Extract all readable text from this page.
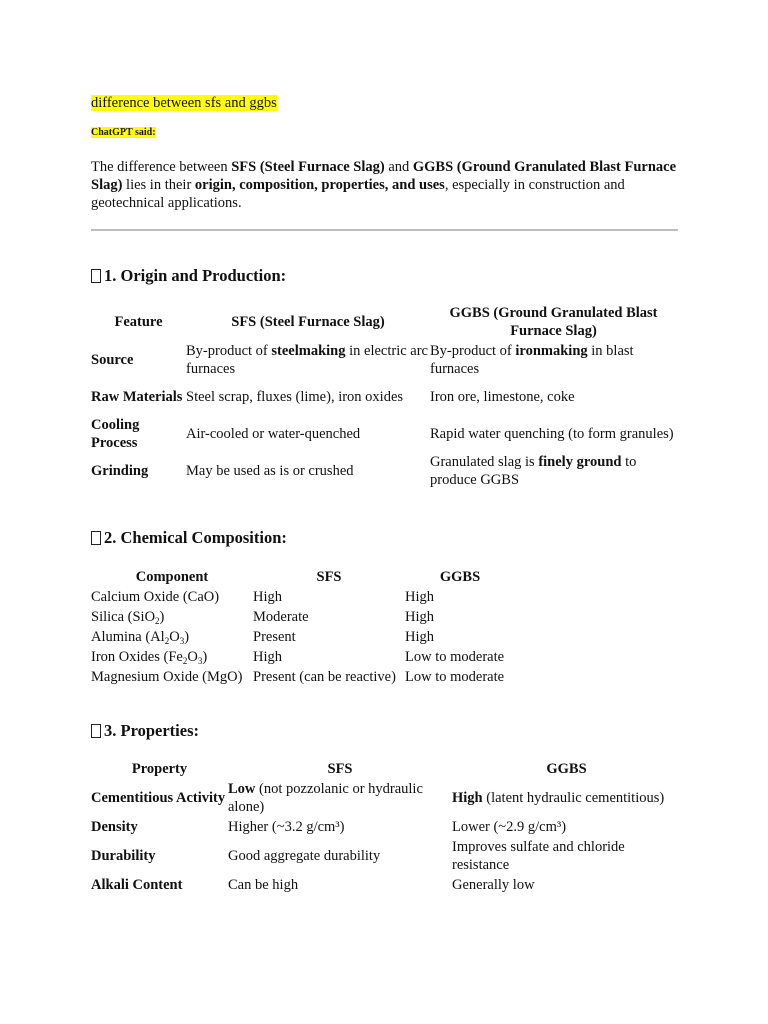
difference between sfs and ggbs
ChatGPT said:
The difference between SFS (Steel Furnace Slag) and GGBS (Ground Granulated Blast Furnace Slag) lies in their origin, composition, properties, and uses, especially in construction and geotechnical applications.
1. Origin and Production:
Feature	SFS (Steel Furnace Slag)	GGBS (Ground Granulated Blast Furnace Slag)
Source	By-product of steelmaking in electric arc furnaces	By-product of ironmaking in blast furnaces
Raw Materials	Steel scrap, fluxes (lime), iron oxides	Iron ore, limestone, coke
Cooling Process	Air-cooled or water-quenched	Rapid water quenching (to form granules)
Grinding	May be used as is or crushed	Granulated slag is finely ground to produce GGBS
2. Chemical Composition:
Component	SFS	GGBS
Calcium Oxide (CaO)	High	High
Silica (SiO$_2$)	Moderate	High
Alumina $(Al_2O_3)$	Present	High
Iron Oxides $(Fe_2O_3)$	High	Low to moderate
Magnesium Oxide (MgO)	Present (can be reactive)	Low to moderate
3. Properties:
Property	SFS	GGBS
Cementitious Activity	Low (not pozzolanic or hydraulic alone)	High (latent hydraulic cementitious)
Density	Higher (~3.2 g/cm³)	Lower (~2.9 g/cm³)
Durability	Good aggregate durability	Improves sulfate and chloride resistance
Alkali Content	Can be high	Generally low
